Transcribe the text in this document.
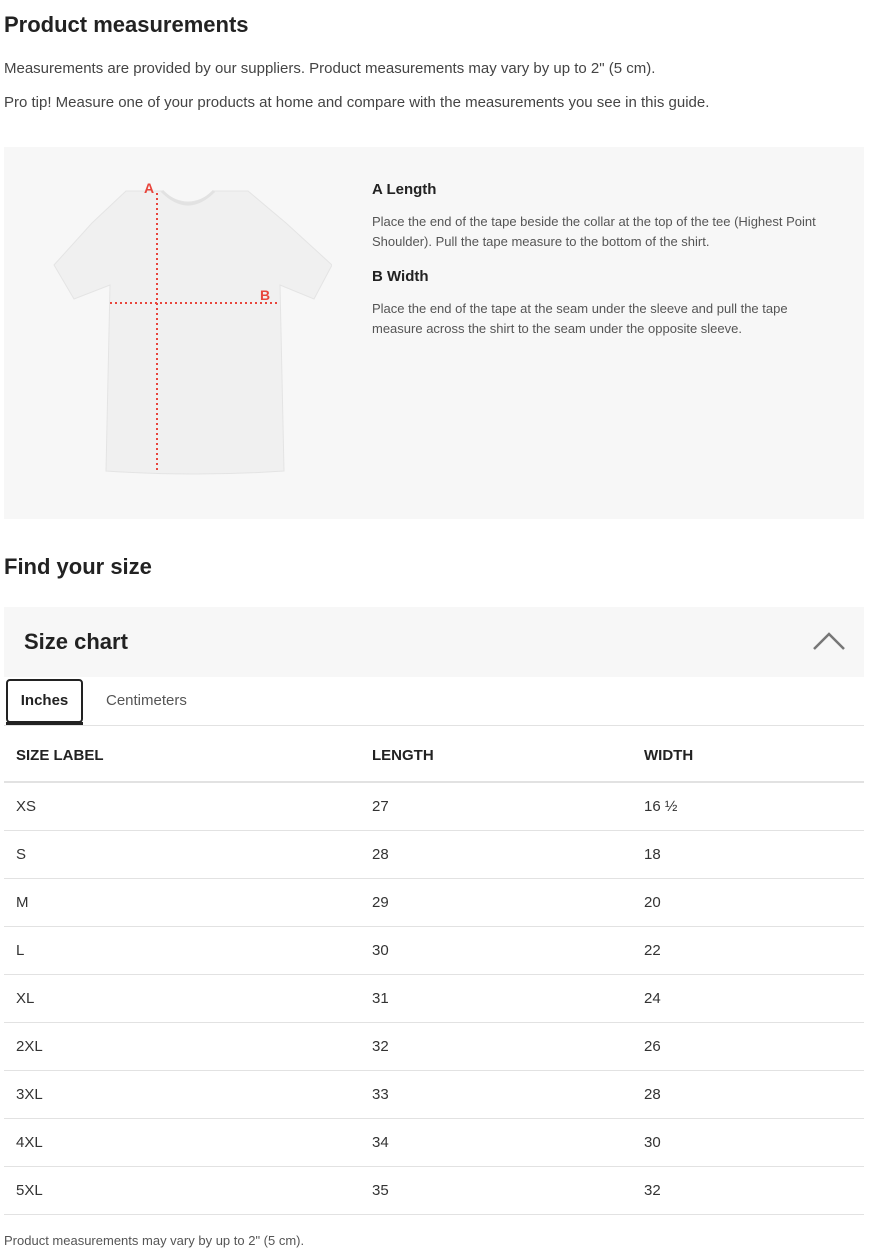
Product measurements

Measurements are provided by our suppliers. Product measurements may vary by up to 2" (5 cm).

Pro tip! Measure one of your products at home and compare with the measurements you see in this guide.

A
B
A Length

Place the end of the tape beside the collar at the top of the tee (Highest Point Shoulder). Pull the tape measure to the bottom of the shirt.

B Width

Place the end of the tape at the seam under the sleeve and pull the tape measure across the shirt to the seam under the opposite sleeve.

Find your size
Size chart
Inches	Centimeters
SIZE LABEL	LENGTH	WIDTH
XS	27	16 ½
S	28	18
M	29	20
L	30	22
XL	31	24
2XL	32	26
3XL	33	28
4XL	34	30
5XL	35	32

Product measurements may vary by up to 2" (5 cm).
